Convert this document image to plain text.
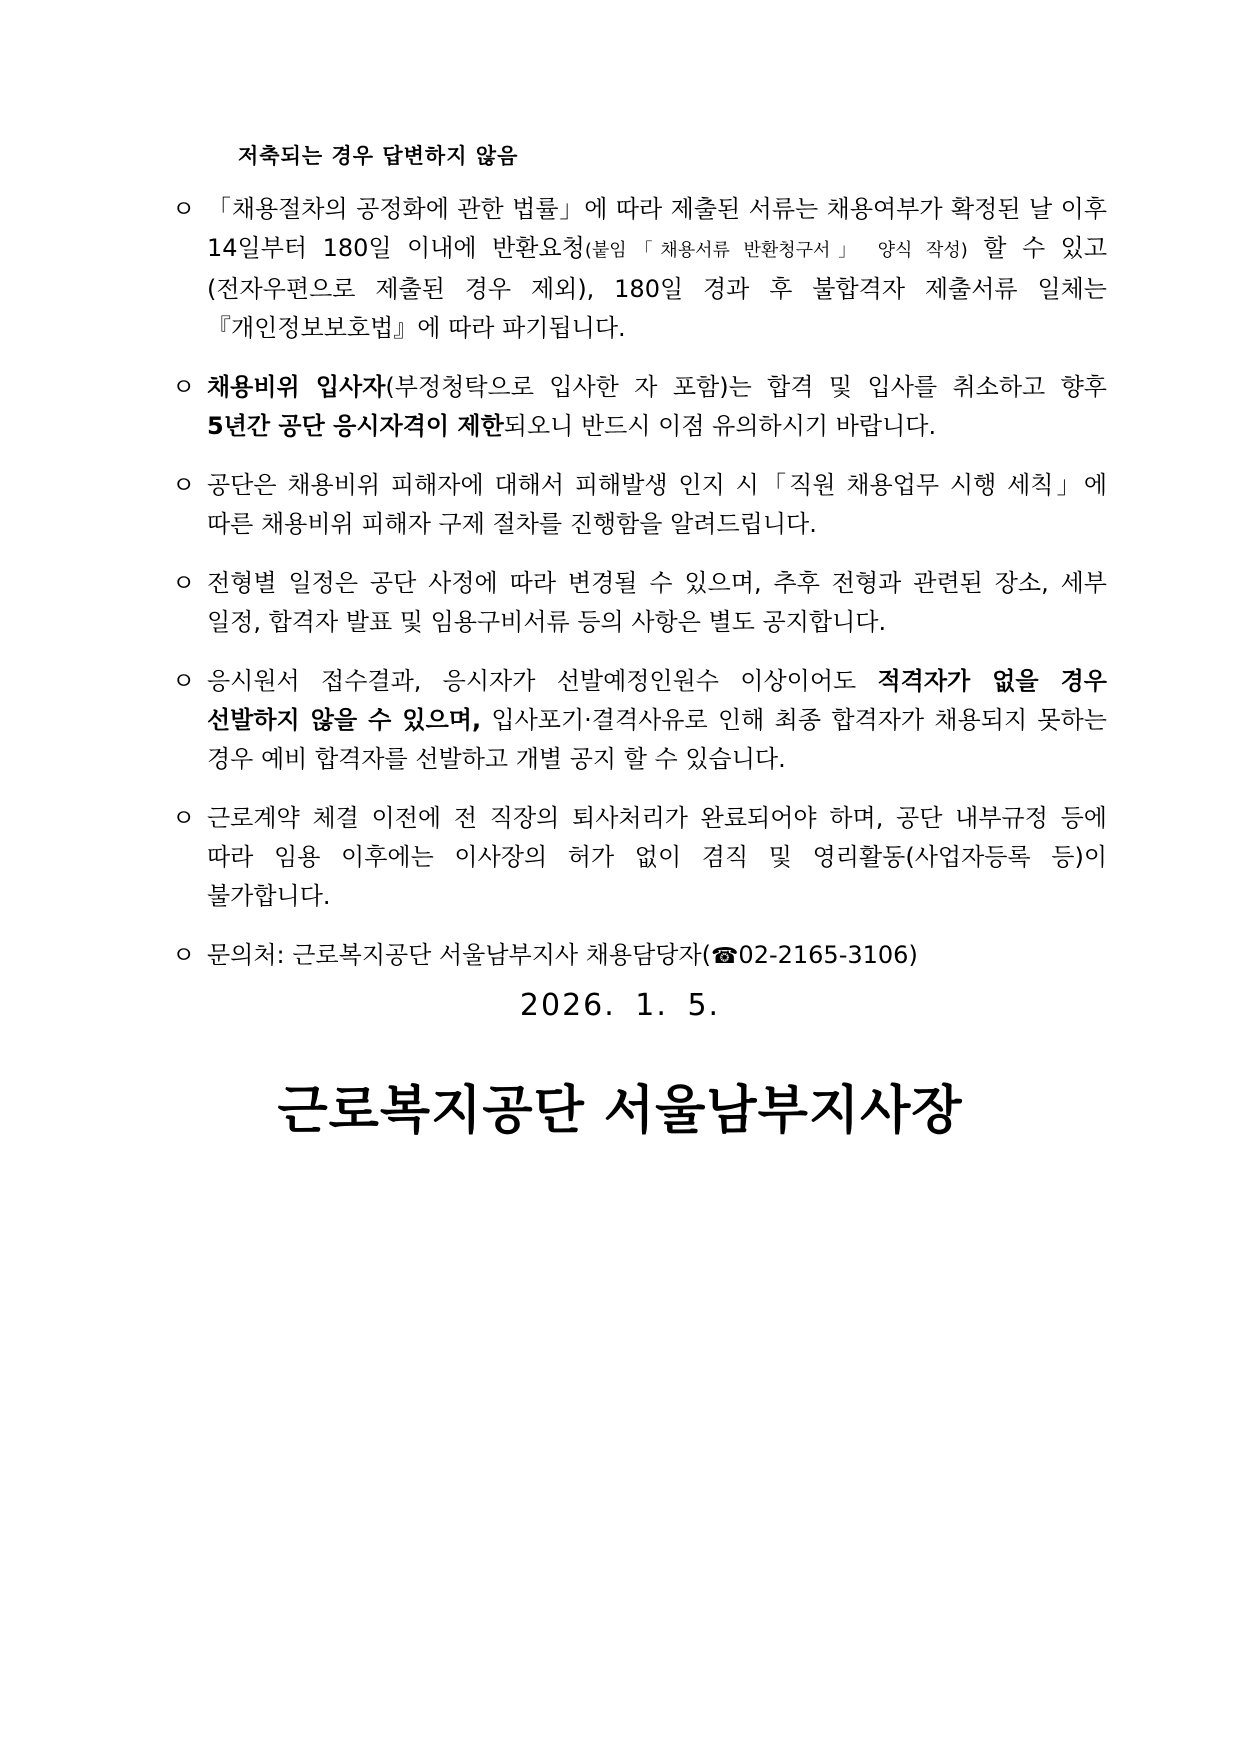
저축되는 경우 답변하지 않음
ㅇ 「채용절차의 공정화에 관한 법률」에 따라 제출된 서류는 채용여부가 확정된 날 이후 14일부터 180일 이내에 반환요청(붙임「채용서류 반환청구서」 양식 작성) 할 수 있고(전자우편으로 제출된 경우 제외), 180일 경과 후 불합격자 제출서류 일체는 『개인정보보호법』에 따라 파기됩니다.
ㅇ 채용비위 입사자(부정청탁으로 입사한 자 포함)는 합격 및 입사를 취소하고 향후 5년간 공단 응시자격이 제한되오니 반드시 이점 유의하시기 바랍니다.
ㅇ 공단은 채용비위 피해자에 대해서 피해발생 인지 시「직원 채용업무 시행 세칙」에 따른 채용비위 피해자 구제 절차를 진행함을 알려드립니다.
ㅇ 전형별 일정은 공단 사정에 따라 변경될 수 있으며, 추후 전형과 관련된 장소, 세부 일정, 합격자 발표 및 임용구비서류 등의 사항은 별도 공지합니다.
ㅇ 응시원서 접수결과, 응시자가 선발예정인원수 이상이어도 적격자가 없을 경우 선발하지 않을 수 있으며, 입사포기·결격사유로 인해 최종 합격자가 채용되지 못하는 경우 예비 합격자를 선발하고 개별 공지 할 수 있습니다.
ㅇ 근로계약 체결 이전에 전 직장의 퇴사처리가 완료되어야 하며, 공단 내부규정 등에 따라 임용 이후에는 이사장의 허가 없이 겸직 및 영리활동(사업자등록 등)이 불가합니다.
ㅇ 문의처: 근로복지공단 서울남부지사 채용담당자(☎02-2165-3106)
2026. 1. 5.
근로복지공단 서울남부지사장
